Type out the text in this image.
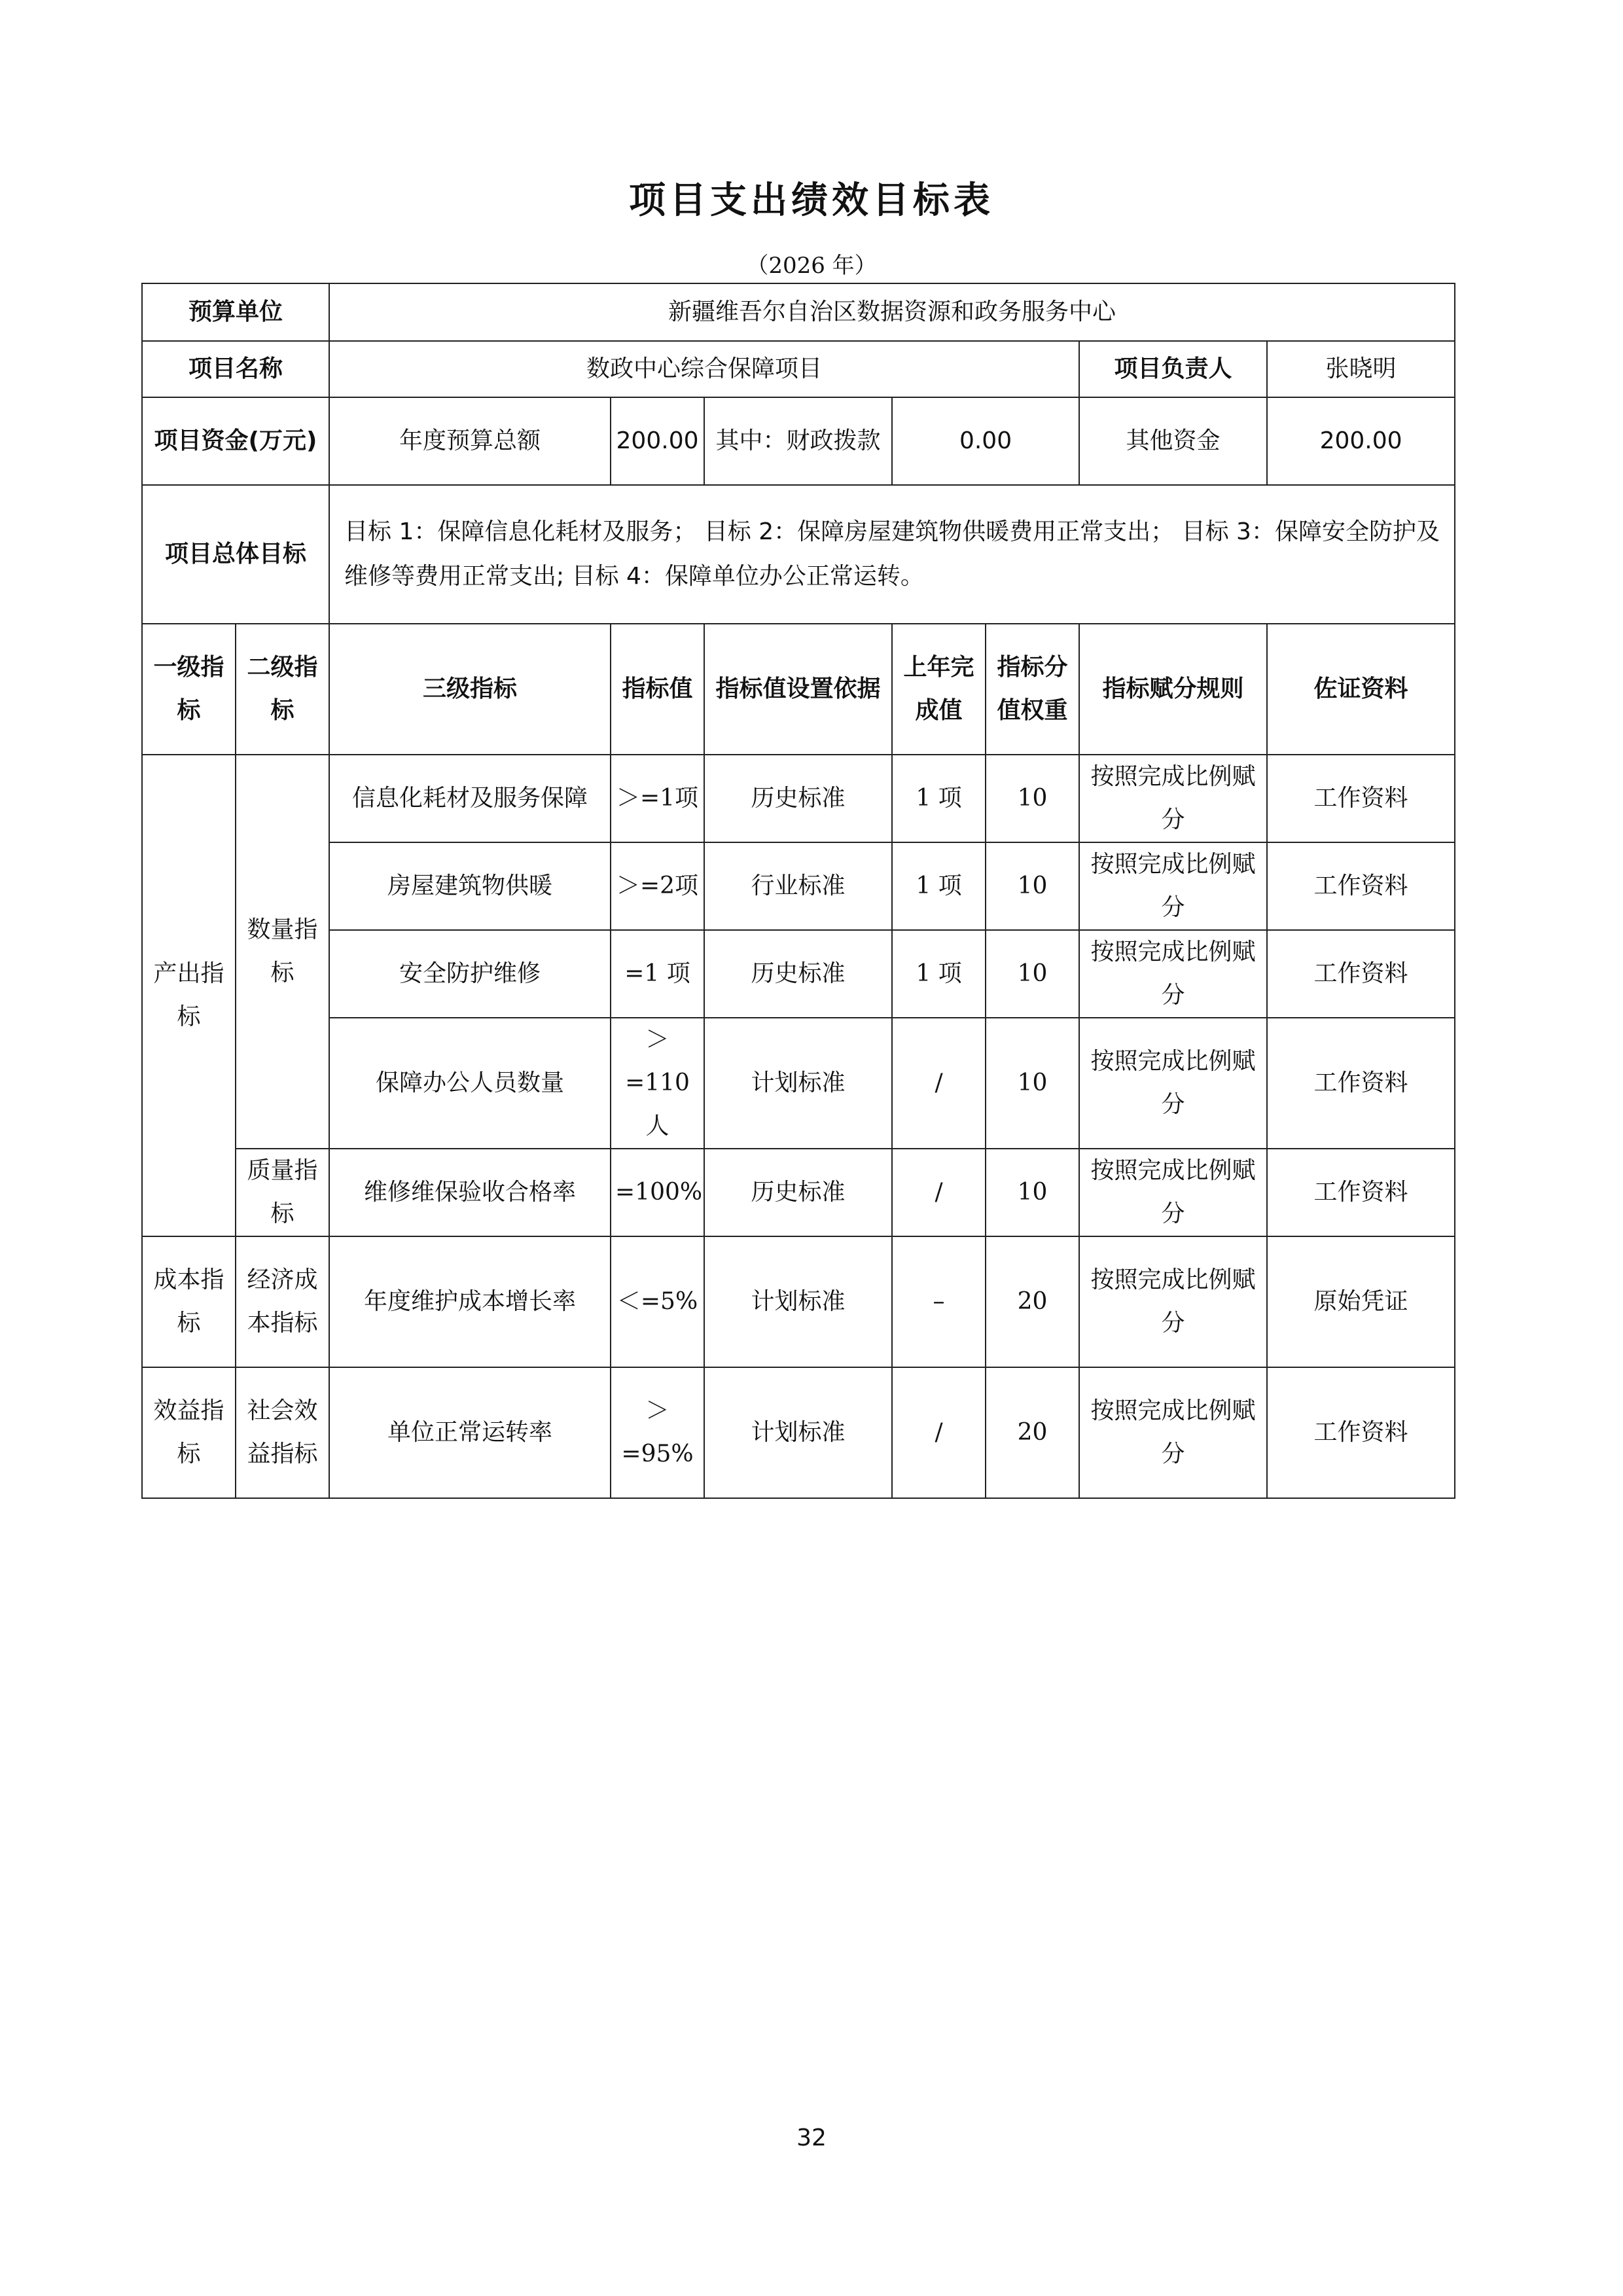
项目支出绩效目标表
（2026 年）
预算单位		新疆维吾尔自治区数据资源和政务服务中心						
项目名称		数政中心综合保障项目					项目负责人	张晓明
项目资金(万元)		年度预算总额	200.00	其中：财政拨款	0.00		其他资金	200.00
项目总体目标		目标 1：保障信息化耗材及服务； 目标 2：保障房屋建筑物供暖费用正常支出； 目标 3：保障安全防护及维修等费用正常支出; 目标 4：保障单位办公正常运转。						
一级指标	二级指标	三级指标	指标值	指标值设置依据	上年完成值	指标分值权重	指标赋分规则	佐证资料
产出指标	数量指标	信息化耗材及服务保障	＞=1项	历史标准	1 项	10	按照完成比例赋分	工作资料
		房屋建筑物供暖	＞=2项	行业标准	1 项	10	按照完成比例赋分	工作资料
		安全防护维修	=1 项	历史标准	1 项	10	按照完成比例赋分	工作资料
		保障办公人员数量	＞=110人	计划标准	/	10	按照完成比例赋分	工作资料
	质量指标	维修维保验收合格率	=100%	历史标准	/	10	按照完成比例赋分	工作资料
成本指标	经济成本指标	年度维护成本增长率	＜=5%	计划标准	–	20	按照完成比例赋分	原始凭证
效益指标	社会效益指标	单位正常运转率	＞=95%	计划标准	/	20	按照完成比例赋分	工作资料
32
